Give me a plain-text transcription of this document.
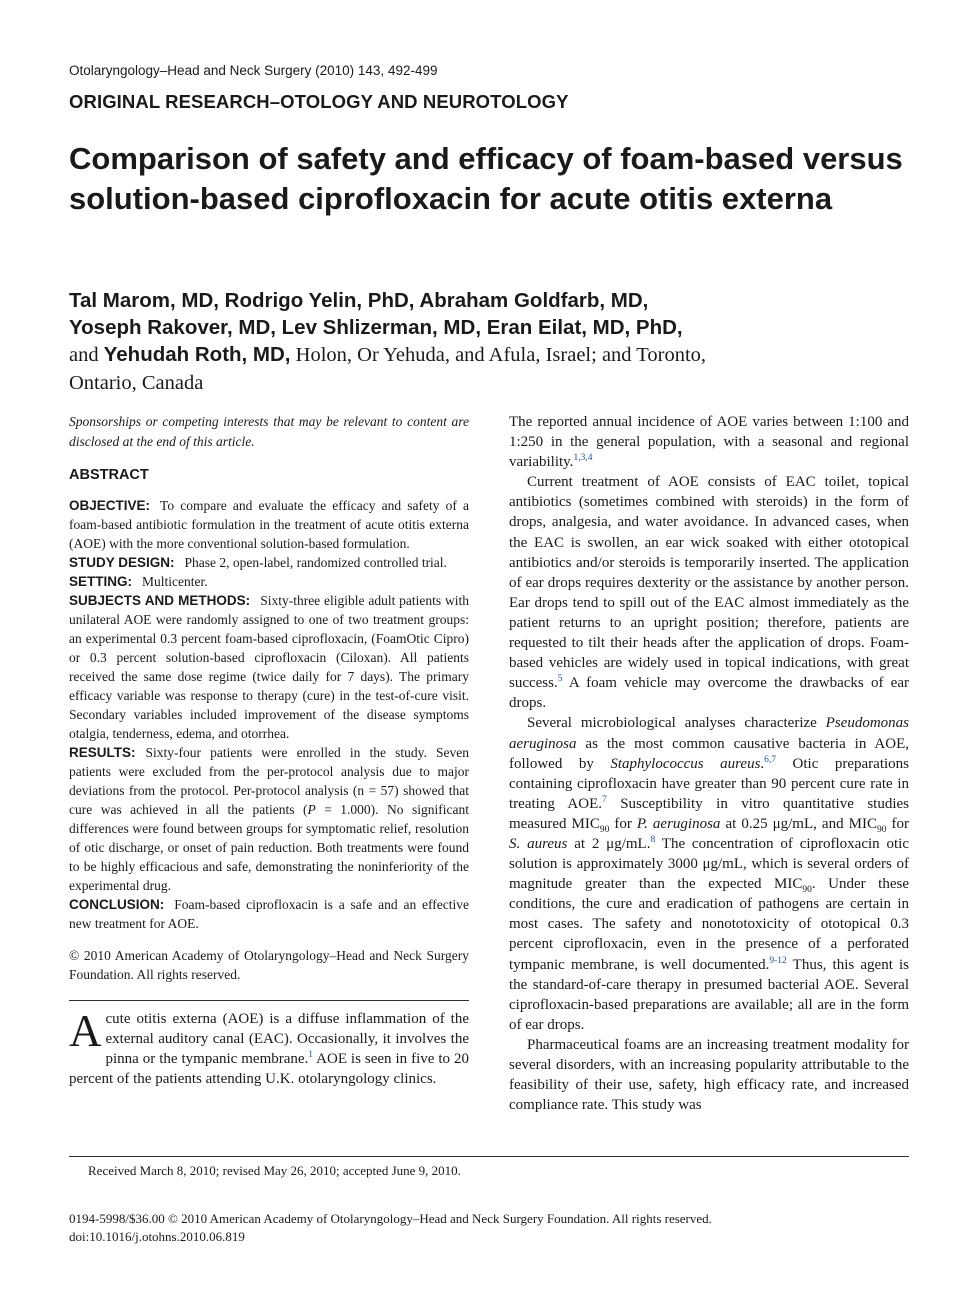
Otolaryngology–Head and Neck Surgery (2010) 143, 492-499
ORIGINAL RESEARCH–OTOLOGY AND NEUROTOLOGY
Comparison of safety and efficacy of foam-based versus solution-based ciprofloxacin for acute otitis externa
Tal Marom, MD, Rodrigo Yelin, PhD, Abraham Goldfarb, MD,
Yoseph Rakover, MD, Lev Shlizerman, MD, Eran Eilat, MD, PhD,
and Yehudah Roth, MD, Holon, Or Yehuda, and Afula, Israel; and Toronto,
Ontario, Canada

Sponsorships or competing interests that may be relevant to content are disclosed at the end of this article.

ABSTRACT

OBJECTIVE: To compare and evaluate the efficacy and safety of a foam-based antibiotic formulation in the treatment of acute otitis externa (AOE) with the more conventional solution-based formulation.

STUDY DESIGN: Phase 2, open-label, randomized controlled trial.

SETTING: Multicenter.

SUBJECTS AND METHODS: Sixty-three eligible adult patients with unilateral AOE were randomly assigned to one of two treatment groups: an experimental 0.3 percent foam-based ciprofloxacin, (FoamOtic Cipro) or 0.3 percent solution-based ciprofloxacin (Ciloxan). All patients received the same dose regime (twice daily for 7 days). The primary efficacy variable was response to therapy (cure) in the test-of-cure visit. Secondary variables included improvement of the disease symptoms otalgia, tenderness, edema, and otorrhea.

RESULTS: Sixty-four patients were enrolled in the study. Seven patients were excluded from the per-protocol analysis due to major deviations from the protocol. Per-protocol analysis (n = 57) showed that cure was achieved in all the patients (P = 1.000). No significant differences were found between groups for symptomatic relief, resolution of otic discharge, or onset of pain reduction. Both treatments were found to be highly efficacious and safe, demonstrating the noninferiority of the experimental drug.

CONCLUSION: Foam-based ciprofloxacin is a safe and an effective new treatment for AOE.

© 2010 American Academy of Otolaryngology–Head and Neck Surgery Foundation. All rights reserved.

Acute otitis externa (AOE) is a diffuse inflammation of the external auditory canal (EAC). Occasionally, it involves the pinna or the tympanic membrane.$^1$ AOE is seen in five to 20 percent of the patients attending U.K. otolaryngology clinics.

The reported annual incidence of AOE varies between 1:100 and 1:250 in the general population, with a seasonal and regional variability.$^{1,3,4}$

Current treatment of AOE consists of EAC toilet, topical antibiotics (sometimes combined with steroids) in the form of drops, analgesia, and water avoidance. In advanced cases, when the EAC is swollen, an ear wick soaked with either ototopical antibiotics and/or steroids is temporarily inserted. The application of ear drops requires dexterity or the assistance by another person. Ear drops tend to spill out of the EAC almost immediately as the patient returns to an upright position; therefore, patients are requested to tilt their heads after the application of drops. Foam-based vehicles are widely used in topical indications, with great success.$^5$ A foam vehicle may overcome the drawbacks of ear drops.

Several microbiological analyses characterize Pseudomonas aeruginosa as the most common causative bacteria in AOE, followed by Staphylococcus aureus.$^{6,7}$ Otic preparations containing ciprofloxacin have greater than 90 percent cure rate in treating AOE.$^7$ Susceptibility in vitro quantitative studies measured $MIC_{90}$ for P. aeruginosa at 0.25 μg/mL, and $MIC_{90}$ for S. aureus at 2 μg/mL.$^8$ The concentration of ciprofloxacin otic solution is approximately 3000 μg/mL, which is several orders of magnitude greater than the expected $MIC_{90}$. Under these conditions, the cure and eradication of pathogens are certain in most cases. The safety and nonototoxicity of ototopical 0.3 percent ciprofloxacin, even in the presence of a perforated tympanic membrane, is well documented.$^{9-12}$ Thus, this agent is the standard-of-care therapy in presumed bacterial AOE. Several ciprofloxacin-based preparations are available; all are in the form of ear drops.

Pharmaceutical foams are an increasing treatment modality for several disorders, with an increasing popularity attributable to the feasibility of their use, safety, high efficacy rate, and increased compliance rate. This study was

Received March 8, 2010; revised May 26, 2010; accepted June 9, 2010.
0194-5998/$36.00 © 2010 American Academy of Otolaryngology–Head and Neck Surgery Foundation. All rights reserved.
doi:10.1016/j.otohns.2010.06.819
